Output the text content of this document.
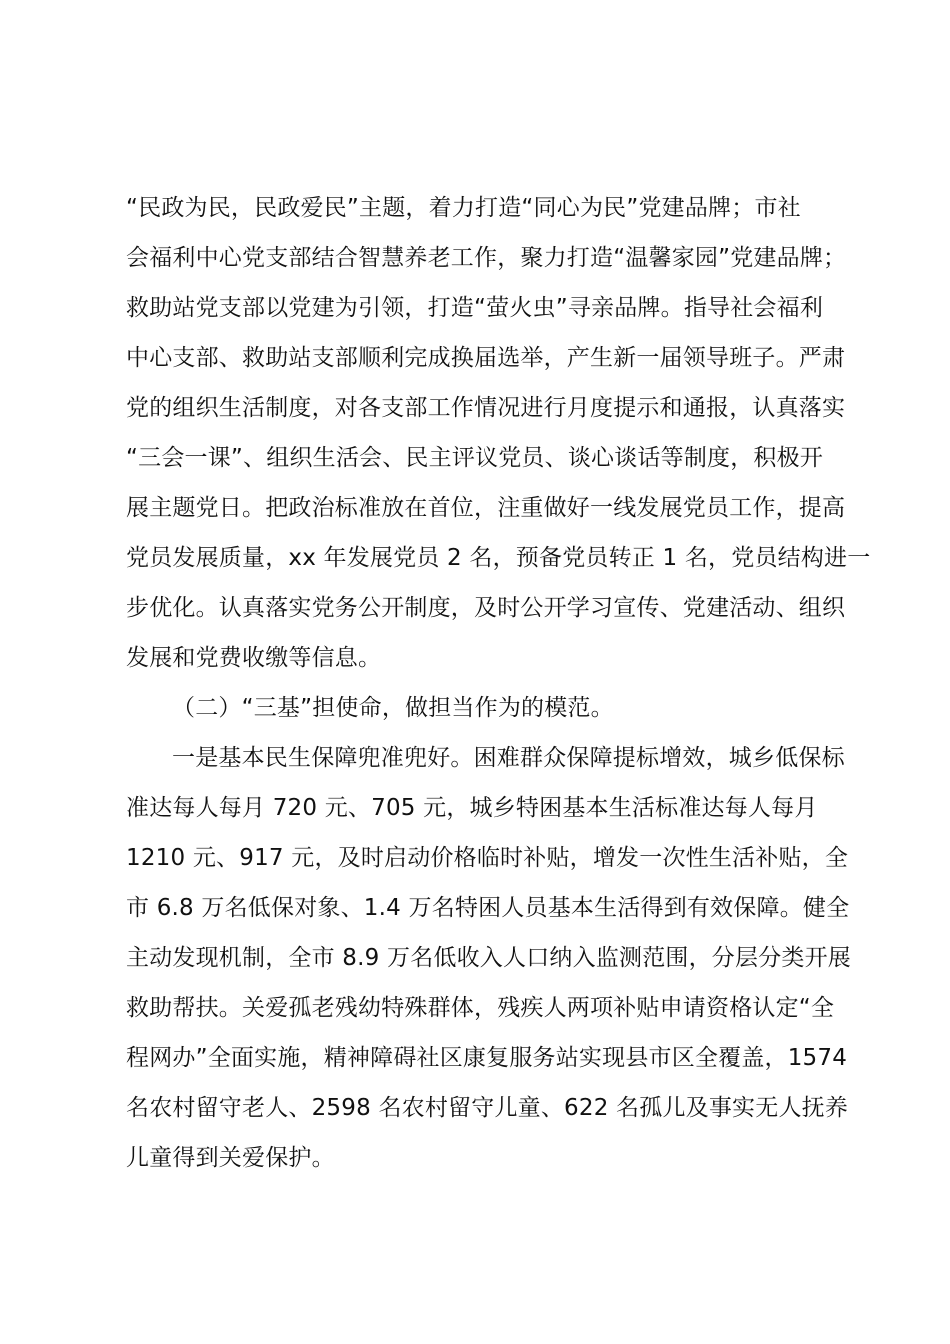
“民政为民，民政爱民”主题，着力打造“同心为民”党建品牌；市社
会福利中心党支部结合智慧养老工作，聚力打造“温馨家园”党建品牌；
救助站党支部以党建为引领，打造“萤火虫”寻亲品牌。指导社会福利
中心支部、救助站支部顺利完成换届选举，产生新一届领导班子。严肃
党的组织生活制度，对各支部工作情况进行月度提示和通报，认真落实
“三会一课”、组织生活会、民主评议党员、谈心谈话等制度，积极开
展主题党日。把政治标准放在首位，注重做好一线发展党员工作，提高
党员发展质量，xx 年发展党员 2 名，预备党员转正 1 名，党员结构进一
步优化。认真落实党务公开制度，及时公开学习宣传、党建活动、组织
发展和党费收缴等信息。
（二）“三基”担使命，做担当作为的模范。
一是基本民生保障兜准兜好。困难群众保障提标增效，城乡低保标
准达每人每月 720 元、705 元，城乡特困基本生活标准达每人每月
1210 元、917 元，及时启动价格临时补贴，增发一次性生活补贴，全
市 6.8 万名低保对象、1.4 万名特困人员基本生活得到有效保障。健全
主动发现机制，全市 8.9 万名低收入人口纳入监测范围，分层分类开展
救助帮扶。关爱孤老残幼特殊群体，残疾人两项补贴申请资格认定“全
程网办”全面实施，精神障碍社区康复服务站实现县市区全覆盖，1574
名农村留守老人、2598 名农村留守儿童、622 名孤儿及事实无人抚养
儿童得到关爱保护。
